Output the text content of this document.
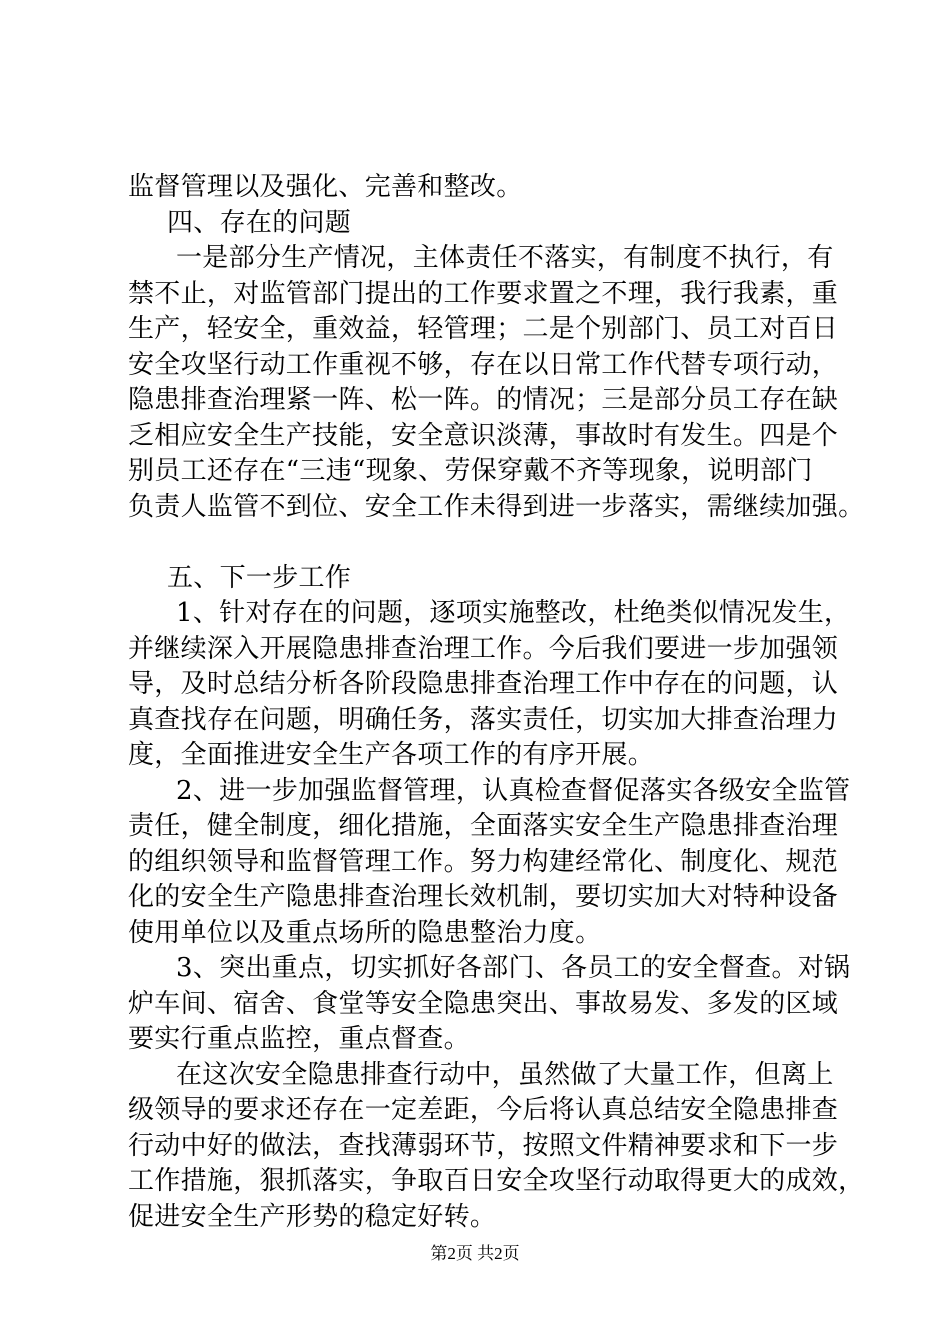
监督管理以及强化、完善和整改。
四、存在的问题
一是部分生产情况，主体责任不落实，有制度不执行，有
禁不止，对监管部门提出的工作要求置之不理，我行我素，重
生产，轻安全，重效益，轻管理；二是个别部门、员工对百日
安全攻坚行动工作重视不够，存在以日常工作代替专项行动，
隐患排查治理紧一阵、松一阵。的情况；三是部分员工存在缺
乏相应安全生产技能，安全意识淡薄，事故时有发生。四是个
别员工还存在“三违“现象、劳保穿戴不齐等现象，说明部门
负责人监管不到位、安全工作未得到进一步落实，需继续加强。
五、下一步工作
1、针对存在的问题，逐项实施整改，杜绝类似情况发生，
并继续深入开展隐患排查治理工作。今后我们要进一步加强领
导，及时总结分析各阶段隐患排查治理工作中存在的问题，认
真查找存在问题，明确任务，落实责任，切实加大排查治理力
度，全面推进安全生产各项工作的有序开展。
2、进一步加强监督管理，认真检查督促落实各级安全监管
责任，健全制度，细化措施，全面落实安全生产隐患排查治理
的组织领导和监督管理工作。努力构建经常化、制度化、规范
化的安全生产隐患排查治理长效机制，要切实加大对特种设备
使用单位以及重点场所的隐患整治力度。
3、突出重点，切实抓好各部门、各员工的安全督查。对锅
炉车间、宿舍、食堂等安全隐患突出、事故易发、多发的区域
要实行重点监控，重点督查。
在这次安全隐患排查行动中，虽然做了大量工作，但离上
级领导的要求还存在一定差距，今后将认真总结安全隐患排查
行动中好的做法，查找薄弱环节，按照文件精神要求和下一步
工作措施，狠抓落实，争取百日安全攻坚行动取得更大的成效，
促进安全生产形势的稳定好转。
第2页 共2页
